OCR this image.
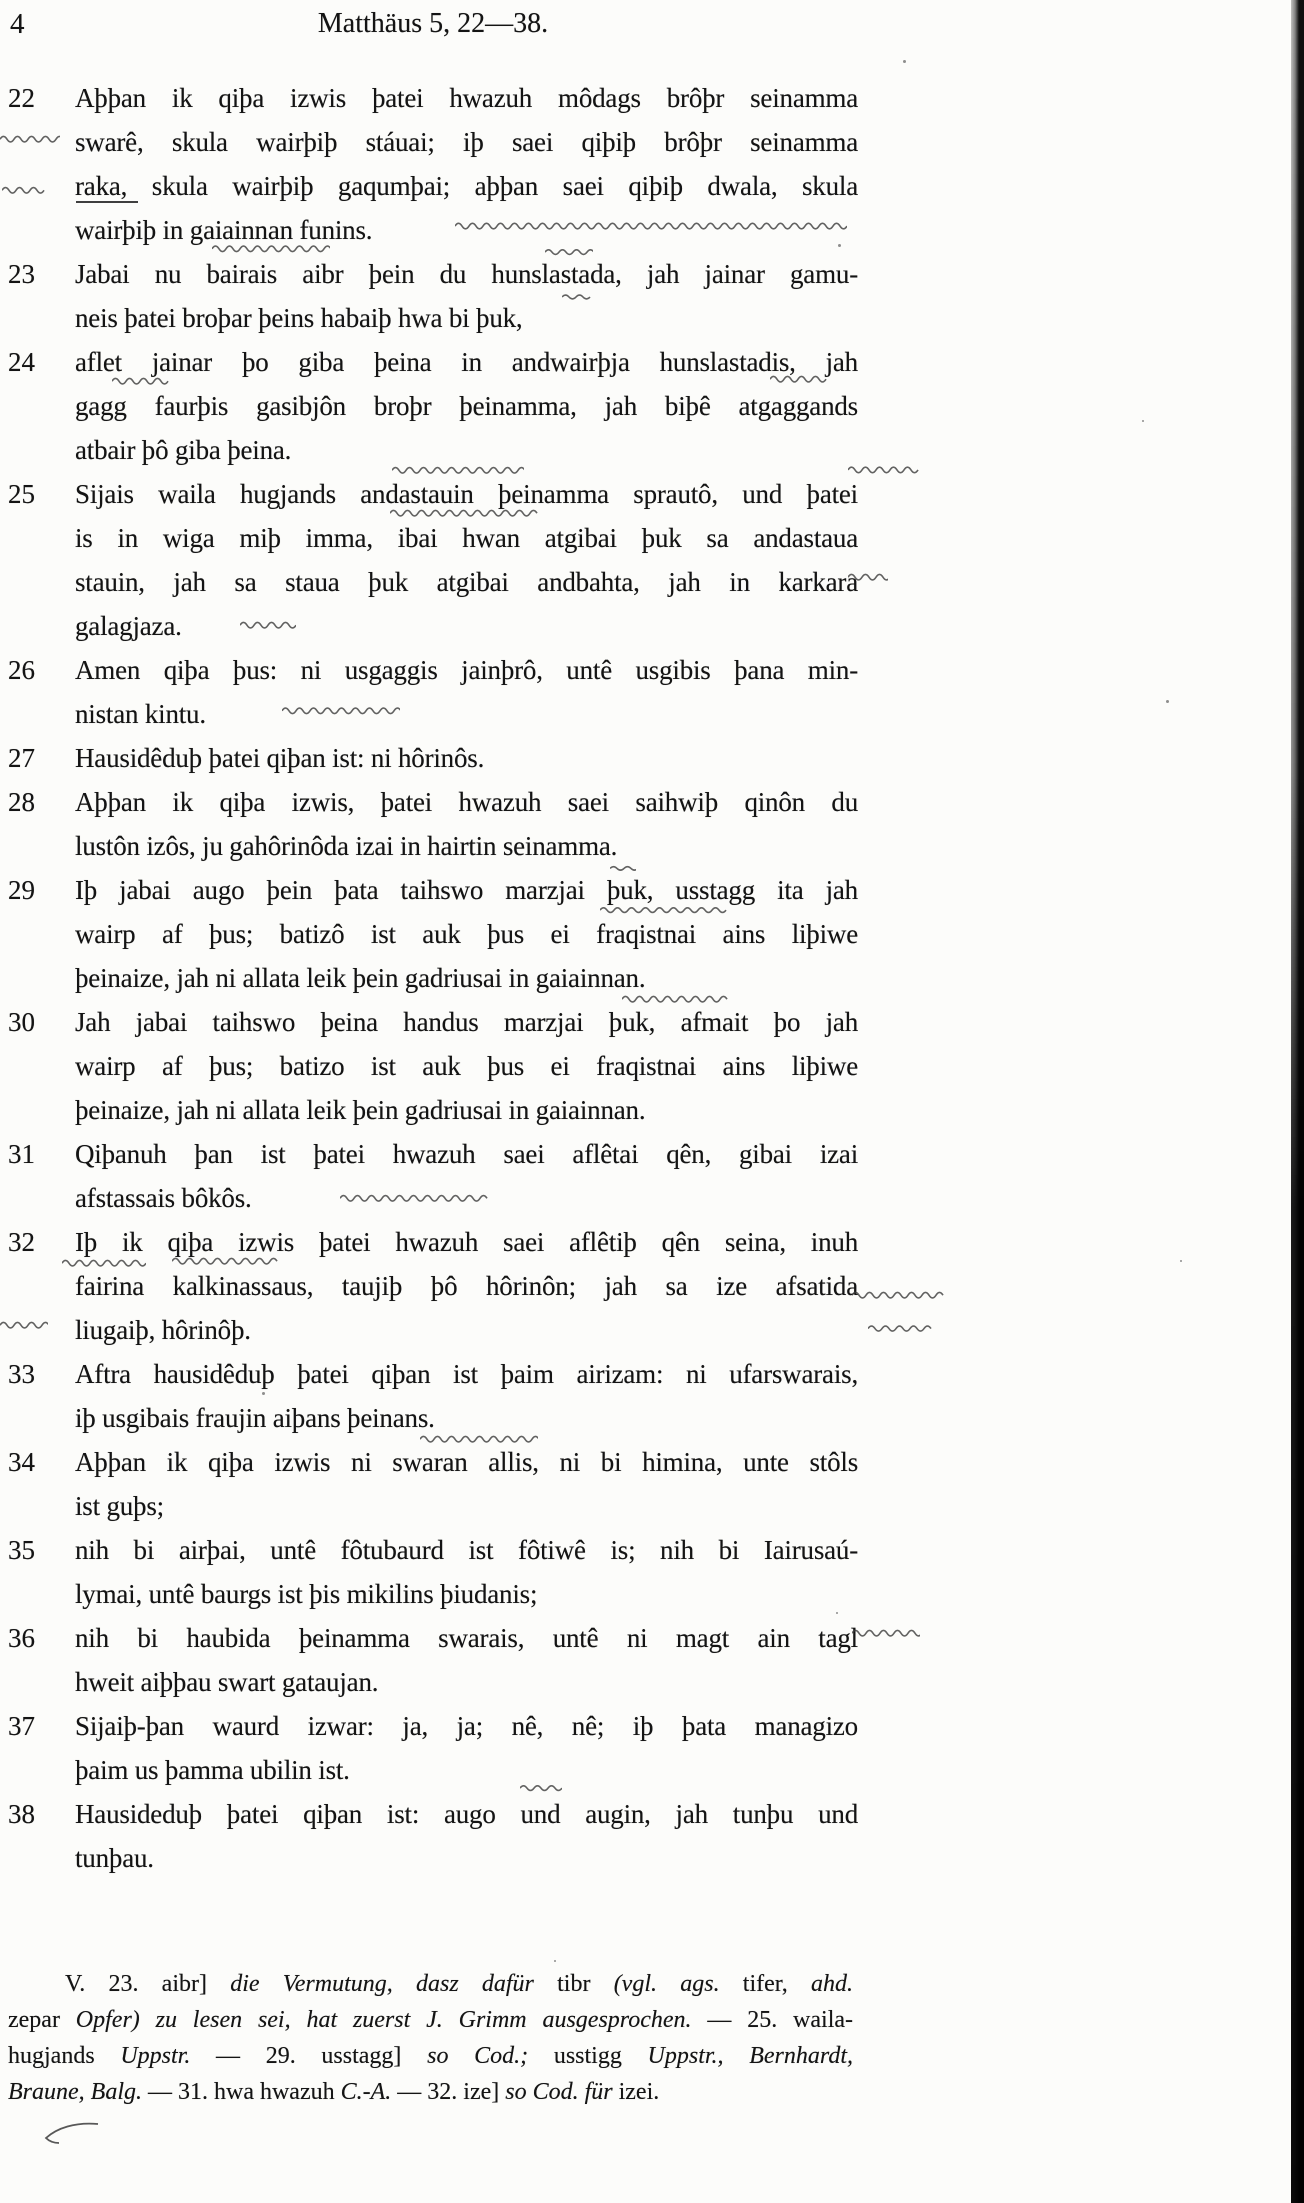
4	Matthäus 5, 22—38.
22 Aþþan ik qiþa izwis þatei hwazuh môdags brôþr seinamma
swarê, skula wairþiþ stáuai; iþ saei qiþiþ brôþr seinamma
raka, skula wairþiþ gaqumþai; aþþan saei qiþiþ dwala, skula
wairþiþ in gaiainnan funins.
23 Jabai nu bairais aibr þein du hunslastada, jah jainar gamu-
neis þatei broþar þeins habaiþ hwa bi þuk,
24 aflet jainar þo giba þeina in andwairþja hunslastadis, jah
gagg faurþis gasibjôn broþr þeinamma, jah biþê atgaggands
atbair þô giba þeina.
25 Sijais waila hugjands andastauin þeinamma sprautô, und þatei
is in wiga miþ imma, ibai hwan atgibai þuk sa andastaua
stauin, jah sa staua þuk atgibai andbahta, jah in karkara
galagjaza.
26 Amen qiþa þus: ni usgaggis jainþrô, untê usgibis þana min-
nistan kintu.
27 Hausidêduþ þatei qiþan ist: ni hôrinôs.
28 Aþþan ik qiþa izwis, þatei hwazuh saei saihwiþ qinôn du
lustôn izôs, ju gahôrinôda izai in hairtin seinamma.
29 Iþ jabai augo þein þata taihswo marzjai þuk, usstagg ita jah
wairp af þus; batizô ist auk þus ei fraqistnai ains liþiwe
þeinaize, jah ni allata leik þein gadriusai in gaiainnan.
30 Jah jabai taihswo þeina handus marzjai þuk, afmait þo jah
wairp af þus; batizo ist auk þus ei fraqistnai ains liþiwe
þeinaize, jah ni allata leik þein gadriusai in gaiainnan.
31 Qiþanuh þan ist þatei hwazuh saei aflêtai qên, gibai izai
afstassais bôkôs.
32 Iþ ik qiþa izwis þatei hwazuh saei aflêtiþ qên seina, inuh
fairina kalkinassaus, taujiþ þô hôrinôn; jah sa ize afsatida
liugaiþ, hôrinôþ.
33 Aftra hausidêduþ þatei qiþan ist þaim airizam: ni ufarswarais,
iþ usgibais fraujin aiþans þeinans.
34 Aþþan ik qiþa izwis ni swaran allis, ni bi himina, unte stôls
ist guþs;
35 nih bi airþai, untê fôtubaurd ist fôtiwê is; nih bi Iairusaú-
lymai, untê baurgs ist þis mikilins þiudanis;
36 nih bi haubida þeinamma swarais, untê ni magt ain tagl
hweit aiþþau swart gataujan.
37 Sijaiþ-þan waurd izwar: ja, ja; nê, nê; iþ þata managizo
þaim us þamma ubilin ist.
38 Hausideduþ þatei qiþan ist: augo und augin, jah tunþu und
tunþau.
V. 23. aibr] die Vermutung, dasz dafür tibr (vgl. ags. tifer, ahd.
zepar Opfer) zu lesen sei, hat zuerst J. Grimm ausgesprochen. — 25. waila-
hugjands Uppstr. — 29. usstagg] so Cod.; usstigg Uppstr., Bernhardt,
Braune, Balg. — 31. hwa hwazuh C.-A. — 32. ize] so Cod. für izei.
